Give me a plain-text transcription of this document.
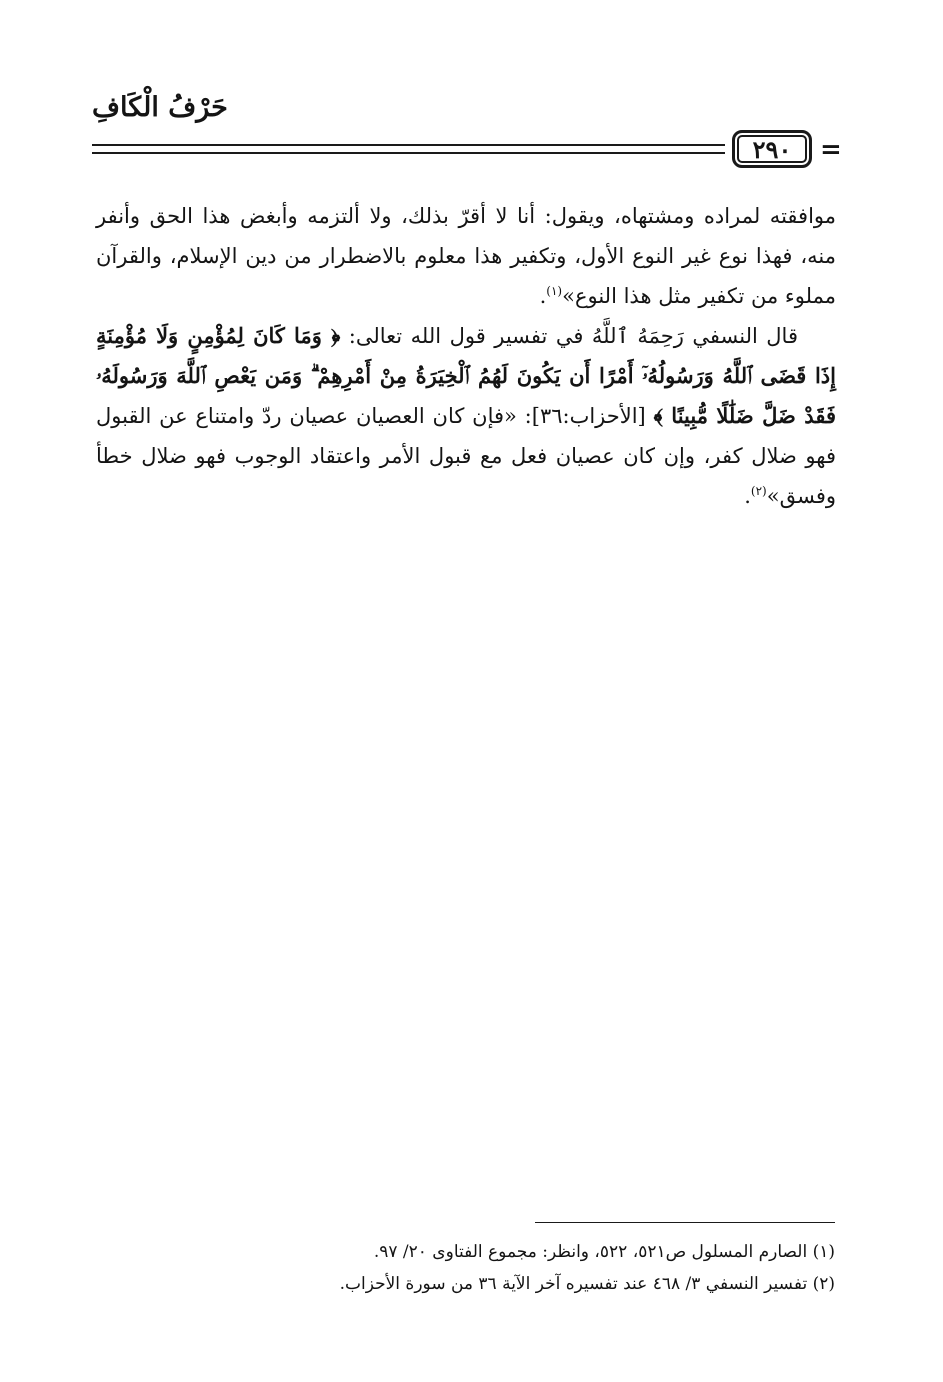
حَرْفُ الْكَافِ
٢٩٠	=

موافقته لمراده ومشتهاه، ويقول: أنا لا أقرّ بذلك، ولا ألتزمه وأبغض هذا الحق وأنفر منه، فهذا نوع غير النوع الأول، وتكفير هذا معلوم بالاضطرار من دين الإسلام، والقرآن مملوء من تكفير مثل هذا النوع»$^{(١)}$.

قال النسفي رَحِمَهُ ٱللَّهُ في تفسير قول الله تعالى: ﴿ وَمَا كَانَ لِمُؤْمِنٍ وَلَا مُؤْمِنَةٍ إِذَا قَضَى ٱللَّهُ وَرَسُولُهُۥٓ أَمْرًا أَن يَكُونَ لَهُمُ ٱلْخِيَرَةُ مِنْ أَمْرِهِمْ ۗ وَمَن يَعْصِ ٱللَّهَ وَرَسُولَهُۥ فَقَدْ ضَلَّ ضَلَٰلًا مُّبِينًا ﴾ [الأحزاب:٣٦]: «فإن كان العصيان عصيان ردّ وامتناع عن القبول فهو ضلال كفر، وإن كان عصيان فعل مع قبول الأمر واعتقاد الوجوب فهو ضلال خطأ وفسق»$^{(٢)}$.

(١) الصارم المسلول ص٥٢١، ٥٢٢، وانظر: مجموع الفتاوى ٢٠/ ٩٧.

(٢) تفسير النسفي ٣/ ٤٦٨ عند تفسيره آخر الآية ٣٦ من سورة الأحزاب.
